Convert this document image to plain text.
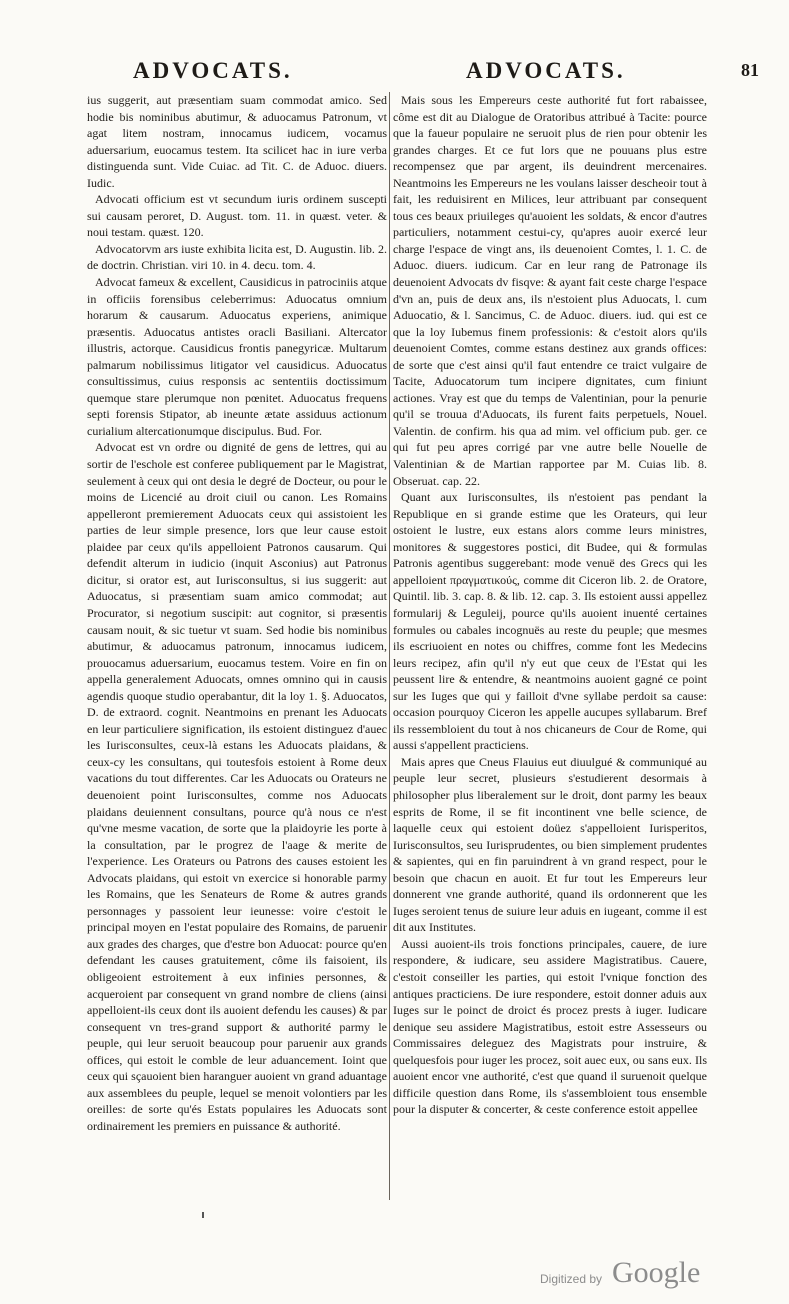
ADVOCATS.	ADVOCATS.	81

ius suggerit, aut præsentiam suam commodat amico. Sed hodie bis nominibus abutimur, & aduocamus Patronum, vt agat litem nostram, innocamus iudicem, vocamus aduersarium, euocamus testem. Ita scilicet hac in iure verba distinguenda sunt. Vide Cuiac. ad Tit. C. de Aduoc. diuers. Iudic.

Advocati officium est vt secundum iuris ordinem suscepti sui causam peroret, D. August. tom. 11. in quæst. veter. & noui testam. quæst. 120.

Advocatorvm ars iuste exhibita licita est, D. Augustin. lib. 2. de doctrin. Christian. viri 10. in 4. decu. tom. 4.

Advocat fameux & excellent, Causidicus in patrociniis atque in officiis forensibus celeberrimus: Aduocatus omnium horarum & causarum. Aduocatus experiens, animique præsentis. Aduocatus antistes oracli Basiliani. Altercator illustris, actorque. Causidicus frontis panegyricæ. Multarum palmarum nobilissimus litigator vel causidicus. Aduocatus consultissimus, cuius responsis ac sententiis doctissimum quemque stare plerumque non pœnitet. Aduocatus frequens septi forensis Stipator, ab ineunte ætate assiduus actionum curialium altercationumque discipulus. Bud. For.

Advocat est vn ordre ou dignité de gens de lettres, qui au sortir de l'eschole est conferee publiquement par le Magistrat, seulement à ceux qui ont desia le degré de Docteur, ou pour le moins de Licencié au droit ciuil ou canon. Les Romains appelleront premierement Aduocats ceux qui assistoient les parties de leur simple presence, lors que leur cause estoit plaidee par ceux qu'ils appelloient Patronos causarum. Qui defendit alterum in iudicio (inquit Asconius) aut Patronus dicitur, si orator est, aut Iurisconsultus, si ius suggerit: aut Aduocatus, si præsentiam suam amico commodat; aut Procurator, si negotium suscipit: aut cognitor, si præsentis causam nouit, & sic tuetur vt suam. Sed hodie bis nominibus abutimur, & aduocamus patronum, innocamus iudicem, prouocamus aduersarium, euocamus testem. Voire en fin on appella generalement Aduocats, omnes omnino qui in causis agendis quoque studio operabantur, dit la loy 1. §. Aduocatos, D. de extraord. cognit. Neantmoins en prenant les Aduocats en leur particuliere signification, ils estoient distinguez d'auec les Iurisconsultes, ceux-là estans les Aduocats plaidans, & ceux-cy les consultans, qui toutesfois estoient à Rome deux vacations du tout differentes. Car les Aduocats ou Orateurs ne deuenoient point Iurisconsultes, comme nos Aduocats plaidans deuiennent consultans, pource qu'à nous ce n'est qu'vne mesme vacation, de sorte que la plaidoyrie les porte à la consultation, par le progrez de l'aage & merite de l'experience. Les Orateurs ou Patrons des causes estoient les Advocats plaidans, qui estoit vn exercice si honorable parmy les Romains, que les Senateurs de Rome & autres grands personnages y passoient leur ieunesse: voire c'estoit le principal moyen en l'estat populaire des Romains, de paruenir aux grades des charges, que d'estre bon Aduocat: pource qu'en defendant les causes gratuitement, côme ils faisoient, ils obligeoient estroitement à eux infinies personnes, & acqueroient par consequent vn grand nombre de cliens (ainsi appelloient-ils ceux dont ils auoient defendu les causes) & par consequent vn tres-grand support & authorité parmy le peuple, qui leur seruoit beaucoup pour paruenir aux grands offices, qui estoit le comble de leur aduancement. Ioint que ceux qui sçauoient bien haranguer auoient vn grand aduantage aux assemblees du peuple, lequel se menoit volontiers par les oreilles: de sorte qu'és Estats populaires les Aduocats sont ordinairement les premiers en puissance & authorité.

Mais sous les Empereurs ceste authorité fut fort rabaissee, côme est dit au Dialogue de Oratoribus attribué à Tacite: pource que la faueur populaire ne seruoit plus de rien pour obtenir les grandes charges. Et ce fut lors que ne pouuans plus estre recompensez que par argent, ils deuindrent mercenaires. Neantmoins les Empereurs ne les voulans laisser descheoir tout à fait, les reduisirent en Milices, leur attribuant par consequent tous ces beaux priuileges qu'auoient les soldats, & encor d'autres particuliers, notamment cestui-cy, qu'apres auoir exercé leur charge l'espace de vingt ans, ils deuenoient Comtes, l. 1. C. de Aduoc. diuers. iudicum. Car en leur rang de Patronage ils deuenoient Advocats dv fisqve: & ayant fait ceste charge l'espace d'vn an, puis de deux ans, ils n'estoient plus Aduocats, l. cum Aduocatio, & l. Sancimus, C. de Aduoc. diuers. iud. qui est ce que la loy Iubemus finem professionis: & c'estoit alors qu'ils deuenoient Comtes, comme estans destinez aux grands offices: de sorte que c'est ainsi qu'il faut entendre ce traict vulgaire de Tacite, Aduocatorum tum incipere dignitates, cum finiunt actiones. Vray est que du temps de Valentinian, pour la penurie qu'il se trouua d'Aduocats, ils furent faits perpetuels, Nouel. Valentin. de confirm. his qua ad mim. vel officium pub. ger. ce qui fut peu apres corrigé par vne autre belle Nouelle de Valentinian & de Martian rapportee par M. Cuias lib. 8. Obseruat. cap. 22.

Quant aux Iurisconsultes, ils n'estoient pas pendant la Republique en si grande estime que les Orateurs, qui leur ostoient le lustre, eux estans alors comme leurs ministres, monitores & suggestores postici, dit Budee, qui & formulas Patronis agentibus suggerebant: mode venuë des Grecs qui les appelloient πραγματικούς, comme dit Ciceron lib. 2. de Oratore, Quintil. lib. 3. cap. 8. & lib. 12. cap. 3. Ils estoient aussi appellez formularij & Leguleij, pource qu'ils auoient inuenté certaines formules ou cabales incognuës au reste du peuple; que mesmes ils escriuoient en notes ou chiffres, comme font les Medecins leurs recipez, afin qu'il n'y eut que ceux de l'Estat qui les peussent lire & entendre, & neantmoins auoient gagné ce point sur les Iuges que qui y failloit d'vne syllabe perdoit sa cause: occasion pourquoy Ciceron les appelle aucupes syllabarum. Bref ils ressembloient du tout à nos chicaneurs de Cour de Rome, qui aussi s'appellent practiciens.

Mais apres que Cneus Flauius eut diuulgué & communiqué au peuple leur secret, plusieurs s'estudierent desormais à philosopher plus liberalement sur le droit, dont parmy les beaux esprits de Rome, il se fit incontinent vne belle science, de laquelle ceux qui estoient doüez s'appelloient Iurisperitos, Iurisconsultos, seu Iurisprudentes, ou bien simplement prudentes & sapientes, qui en fin paruindrent à vn grand respect, pour le besoin que chacun en auoit. Et fur tout les Empereurs leur donnerent vne grande authorité, quand ils ordonnerent que les Iuges seroient tenus de suiure leur aduis en iugeant, comme il est dit aux Institutes.

Aussi auoient-ils trois fonctions principales, cauere, de iure respondere, & iudicare, seu assidere Magistratibus. Cauere, c'estoit conseiller les parties, qui estoit l'vnique fonction des antiques practiciens. De iure respondere, estoit donner aduis aux Iuges sur le poinct de droict és procez prests à iuger. Iudicare denique seu assidere Magistratibus, estoit estre Assesseurs ou Commissaires deleguez des Magistrats pour instruire, & quelquesfois pour iuger les procez, soit auec eux, ou sans eux. Ils auoient encor vne authorité, c'est que quand il suruenoit quelque difficile question dans Rome, ils s'assembloient tous ensemble pour la disputer & concerter, & ceste conference estoit appellee

Digitized by Google
